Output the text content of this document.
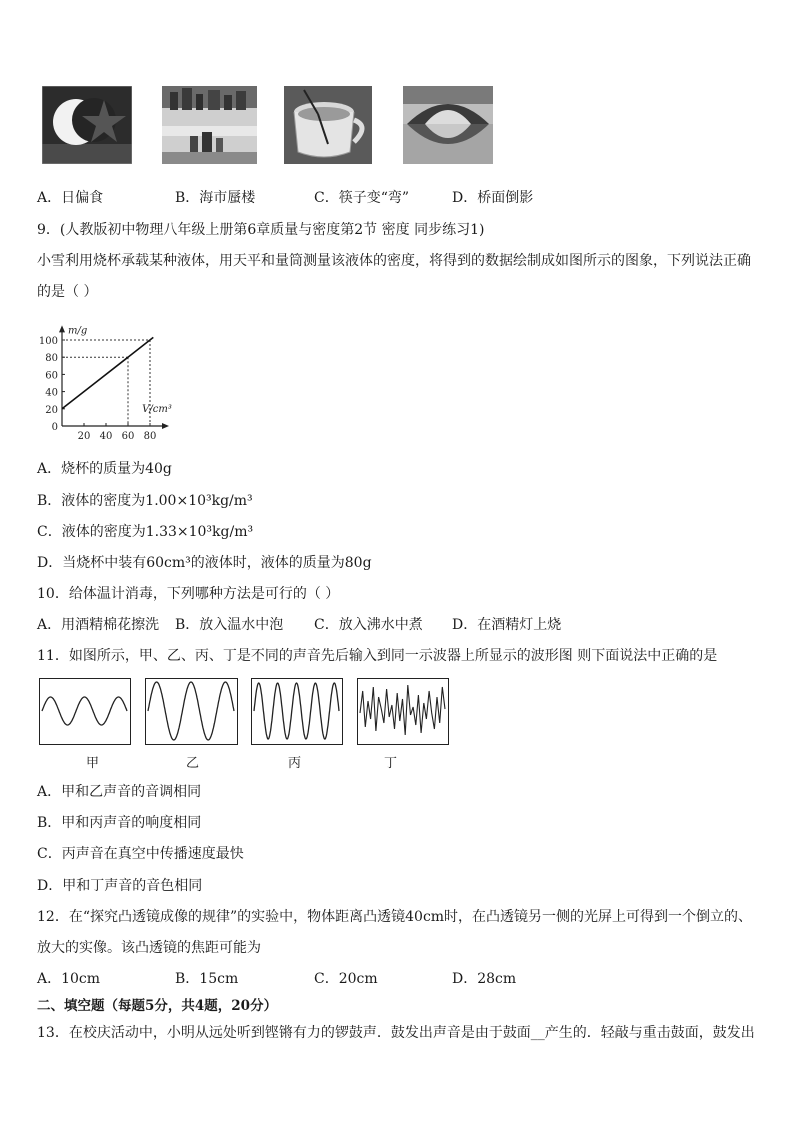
A．日偏食	B．海市蜃楼	C．筷子变“弯”	D．桥面倒影
9．(人教版初中物理八年级上册第6章质量与密度第2节 密度 同步练习1)
小雪利用烧杯承载某种液体，用天平和量筒测量该液体的密度，将得到的数据绘制成如图所示的图象，下列说法正确
的是（ ）
0
20
40
60
80
100
20 40 60 80
m/g
V/cm³
A．烧杯的质量为40g
B．液体的密度为1.00×10³kg/m³
C．液体的密度为1.33×10³kg/m³
D．当烧杯中装有60cm³的液体时，液体的质量为80g
10．给体温计消毒，下列哪种方法是可行的（ ）
A．用酒精棉花擦洗 B．放入温水中泡 C．放入沸水中煮 D．在酒精灯上烧
11．如图所示，甲、乙、丙、丁是不同的声音先后输入到同一示波器上所显示的波形图 则下面说法中正确的是
甲	乙	丙	丁
A．甲和乙声音的音调相同
B．甲和丙声音的响度相同
C．丙声音在真空中传播速度最快
D．甲和丁声音的音色相同
12．在“探究凸透镜成像的规律”的实验中，物体距离凸透镜40cm时，在凸透镜另一侧的光屏上可得到一个倒立的、
放大的实像。该凸透镜的焦距可能为
A．10cm	B．15cm	C．20cm	D．28cm
二、填空题（每题5分，共4题，20分）
13．在校庆活动中，小明从远处听到铿锵有力的锣鼓声．鼓发出声音是由于鼓面__产生的．轻敲与重击鼓面，鼓发出
